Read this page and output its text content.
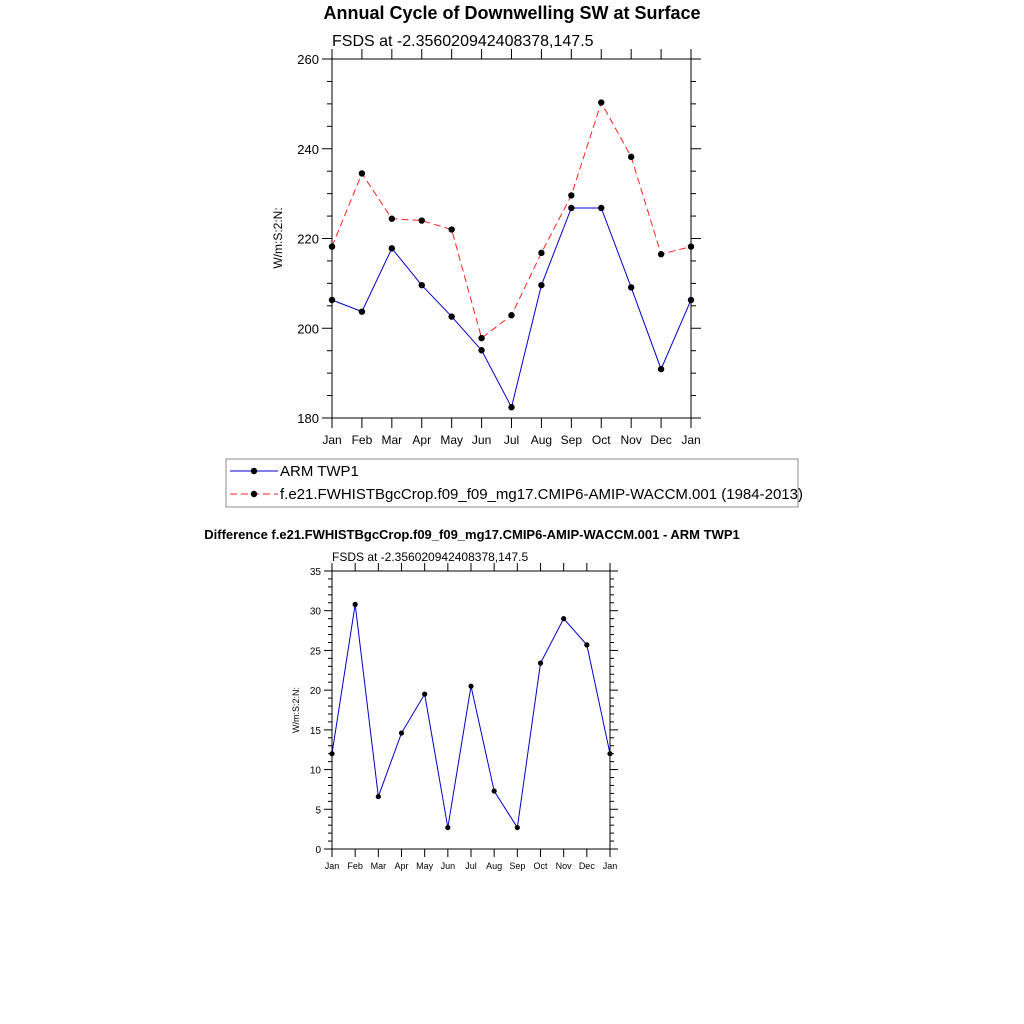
Annual Cycle of Downwelling SW at Surface
FSDS at -2.356020942408378,147.5
W/m:S:2:N:
180
200
220
240
260
Jan Feb Mar Apr May Jun Jul Aug Sep Oct Nov Dec Jan
ARM TWP1
f.e21.FWHISTBgcCrop.f09_f09_mg17.CMIP6-AMIP-WACCM.001 (1984-2013)
Difference f.e21.FWHISTBgcCrop.f09_f09_mg17.CMIP6-AMIP-WACCM.001 - ARM TWP1
FSDS at -2.356020942408378,147.5
W/m:S:2:N:
0
5
10
15
20
25
30
35
Jan Feb Mar Apr May Jun Jul Aug Sep Oct Nov Dec Jan
